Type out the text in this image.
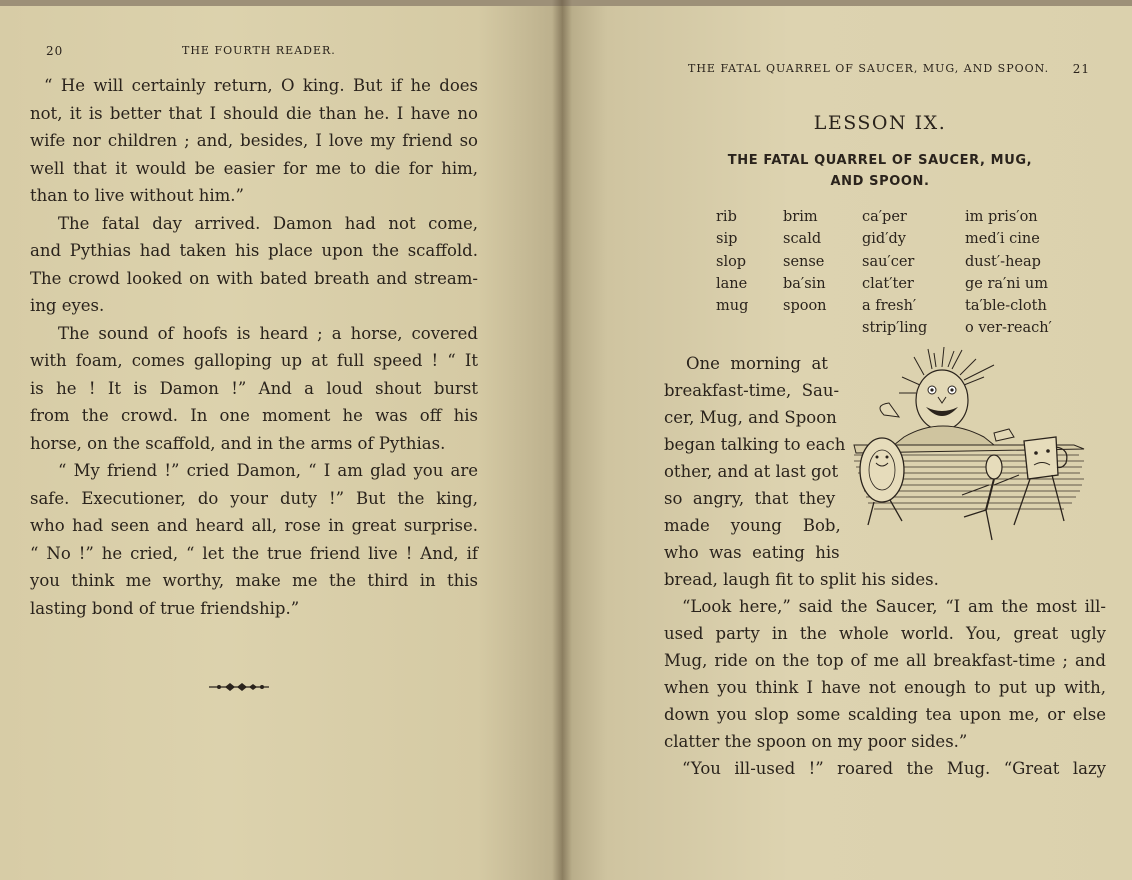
20	THE FOURTH READER.
“ He will certainly return, O king. But if he does
not, it is better that I should die than he. I have no
wife nor children ; and, besides, I love my friend so
well that it would be easier for me to die for him,
than to live without him.”
The fatal day arrived. Damon had not come,
and Pythias had taken his place upon the scaffold.
The crowd looked on with bated breath and stream-
ing eyes.
The sound of hoofs is heard ; a horse, covered
with foam, comes galloping up at full speed ! “ It
is he ! It is Damon !” And a loud shout burst
from the crowd. In one moment he was off his
horse, on the scaffold, and in the arms of Pythias.
“ My friend !” cried Damon, “ I am glad you are
safe. Executioner, do your duty !” But the king,
who had seen and heard all, rose in great surprise.
“ No !” he cried, “ let the true friend live ! And, if
you think me worthy, make me the third in this
lasting bond of true friendship.”
THE FATAL QUARREL OF SAUCER, MUG, AND SPOON. 21
LESSON IX.
THE FATAL QUARREL OF SAUCER, MUG,
AND SPOON.
rib
sip
slop
lane
mug
brim
scald
sense
ba′sin
spoon
ca′per
gid′dy
sau′cer
clat′ter
a fresh′
strip′ling
im pris′on
med′i cine
dust′-heap
ge ra′ni um
ta′ble-cloth
o ver-reach′
One  morning  at
breakfast-time,  Sau-
cer, Mug, and Spoon
began talking to each
other, and at last got
so  angry,  that  they
made    young    Bob,
who  was  eating  his
bread, laugh fit to split his sides.
“Look here,” said the Saucer, “I am the most ill-
used party in the whole world. You, great ugly
Mug, ride on the top of me all breakfast-time ; and
when you think I have not enough to put up with,
down you slop some scalding tea upon me, or else
clatter the spoon on my poor sides.”
“You ill-used !” roared the Mug. “Great lazy
